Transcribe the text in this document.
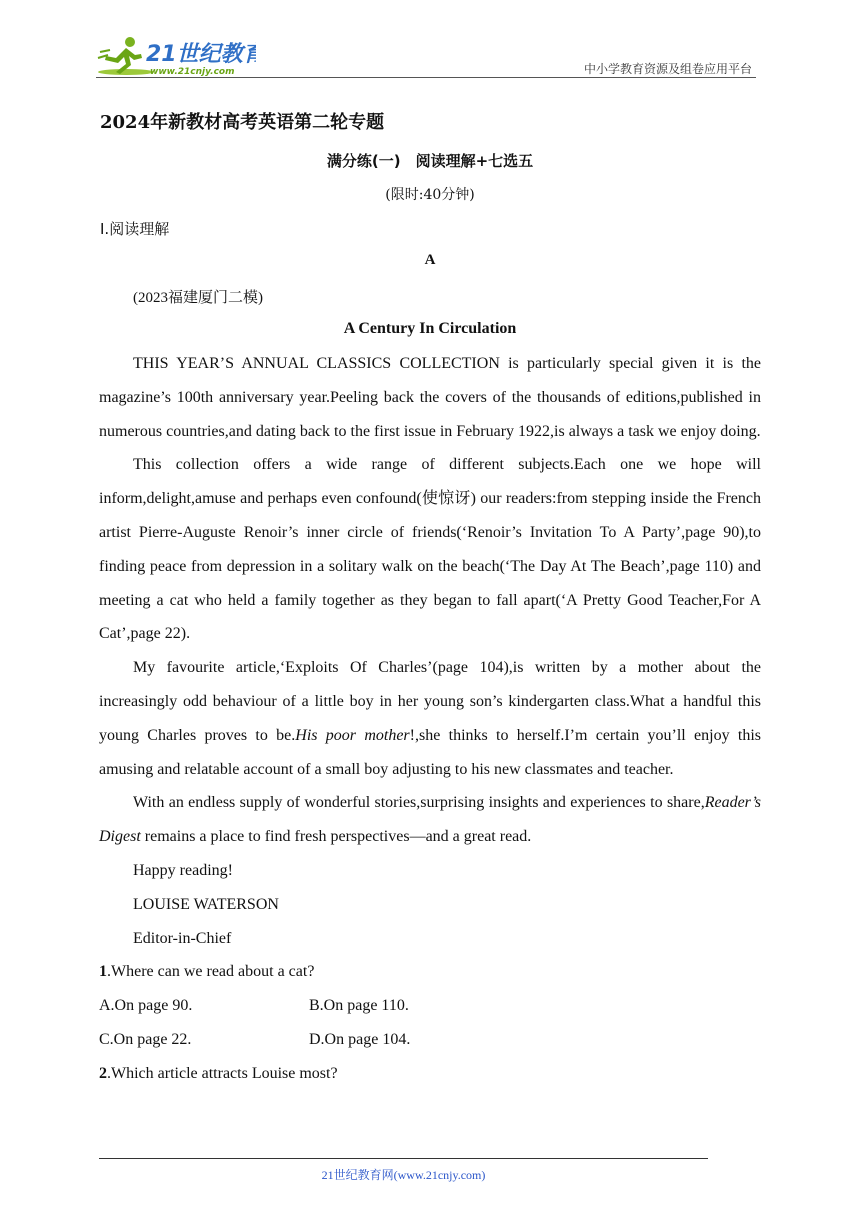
21世纪教育
www.21cnjy.com	中小学教育资源及组卷应用平台
2024年新教材高考英语第二轮专题
满分练(一)　阅读理解+七选五
(限时:40分钟)
Ⅰ.阅读理解
A
(2023福建厦门二模)
A Century In Circulation

THIS YEAR’S ANNUAL CLASSICS COLLECTION is particularly special given it is the magazine’s 100th anniversary year.Peeling back the covers of the thousands of editions,published in numerous countries,and dating back to the first issue in February 1922,is always a task we enjoy doing.

This collection offers a wide range of different subjects.Each one we hope will inform,delight,amuse and perhaps even confound(使惊讶) our readers:from stepping inside the French artist Pierre-Auguste Renoir’s inner circle of friends(‘Renoir’s Invitation To A Party’,page 90),to finding peace from depression in a solitary walk on the beach(‘The Day At The Beach’,page 110) and meeting a cat who held a family together as they began to fall apart(‘A Pretty Good Teacher,For A Cat’,page 22).

My favourite article,‘Exploits Of Charles’(page 104),is written by a mother about the increasingly odd behaviour of a little boy in her young son’s kindergarten class.What a handful this young Charles proves to be.His poor mother!,she thinks to herself.I’m certain you’ll enjoy this amusing and relatable account of a small boy adjusting to his new classmates and teacher.

With an endless supply of wonderful stories,surprising insights and experiences to share,Reader’s Digest remains a place to find fresh perspectives—and a great read.

Happy reading!

LOUISE WATERSON

Editor-in-Chief

1.Where can we read about a cat?

A.On page 90.	B.On page 110.

C.On page 22.	D.On page 104.

2.Which article attracts Louise most?

21世纪教育网(www.21cnjy.com)
